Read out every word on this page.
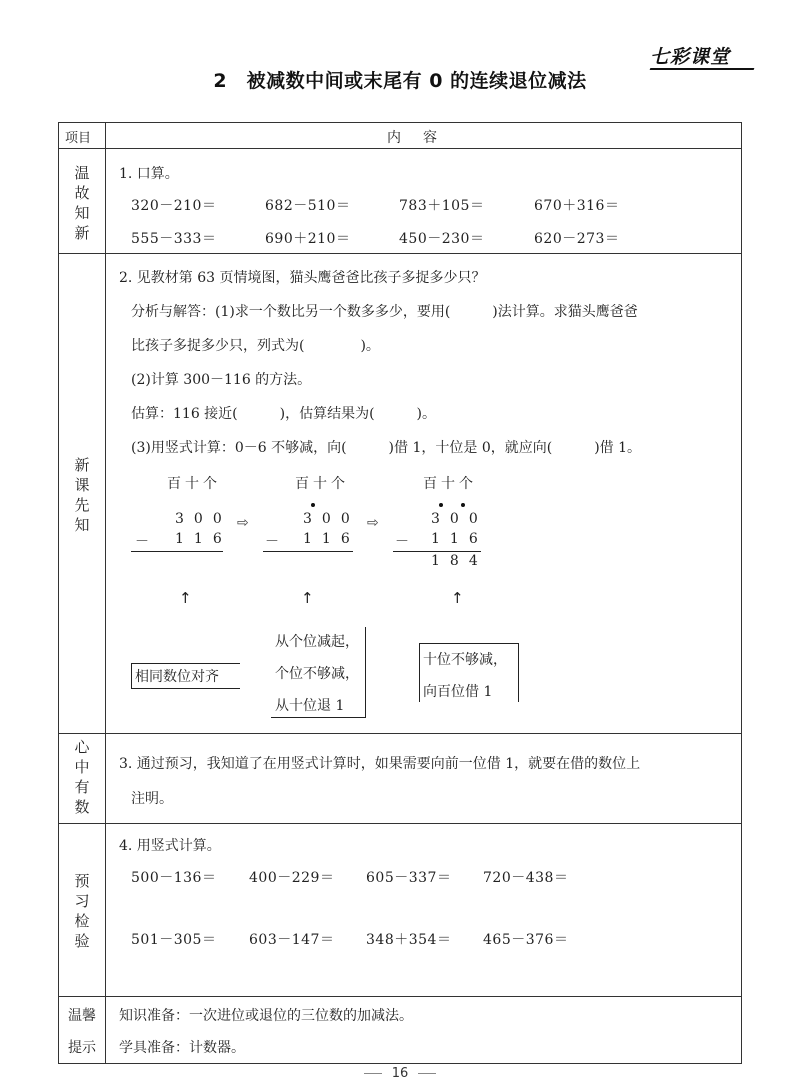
七彩课堂
2　被减数中间或末尾有 0 的连续退位减法
项目	内容
温
故
知
新
1. 口算。
320－210＝	682－510＝	783＋105＝	670＋316＝
555－333＝	690＋210＝	450－230＝	620－273＝
新
课
先
知
2. 见教材第 63 页情境图，猫头鹰爸爸比孩子多捉多少只？
分析与解答：(1)求一个数比另一个数多多少，要用(　　　)法计算。求猫头鹰爸爸
比孩子多捉多少只，列式为(　　　　)。
(2)计算 300－116 的方法。
估算：116 接近(　　　)，估算结果为(　　　)。
(3)用竖式计算：0－6 不够减，向(　　　)借 1，十位是 0，就应向(　　　)借 1。
百十个
300
－ 116
⇨
百十个
300
－ 116
⇨
百十个
300
－ 116
184
↑	↑	↑
相同数位对齐
从个位减起，
个位不够减，
从十位退 1
十位不够减，
向百位借 1
心
中
有
数
3. 通过预习，我知道了在用竖式计算时，如果需要向前一位借 1，就要在借的数位上
注明。
预
习
检
验
4. 用竖式计算。
500－136＝ 400－229＝ 605－337＝ 720－438＝
501－305＝ 603－147＝ 348＋354＝ 465－376＝
温馨
提示
知识准备：一次进位或退位的三位数的加减法。
学具准备：计数器。
16
